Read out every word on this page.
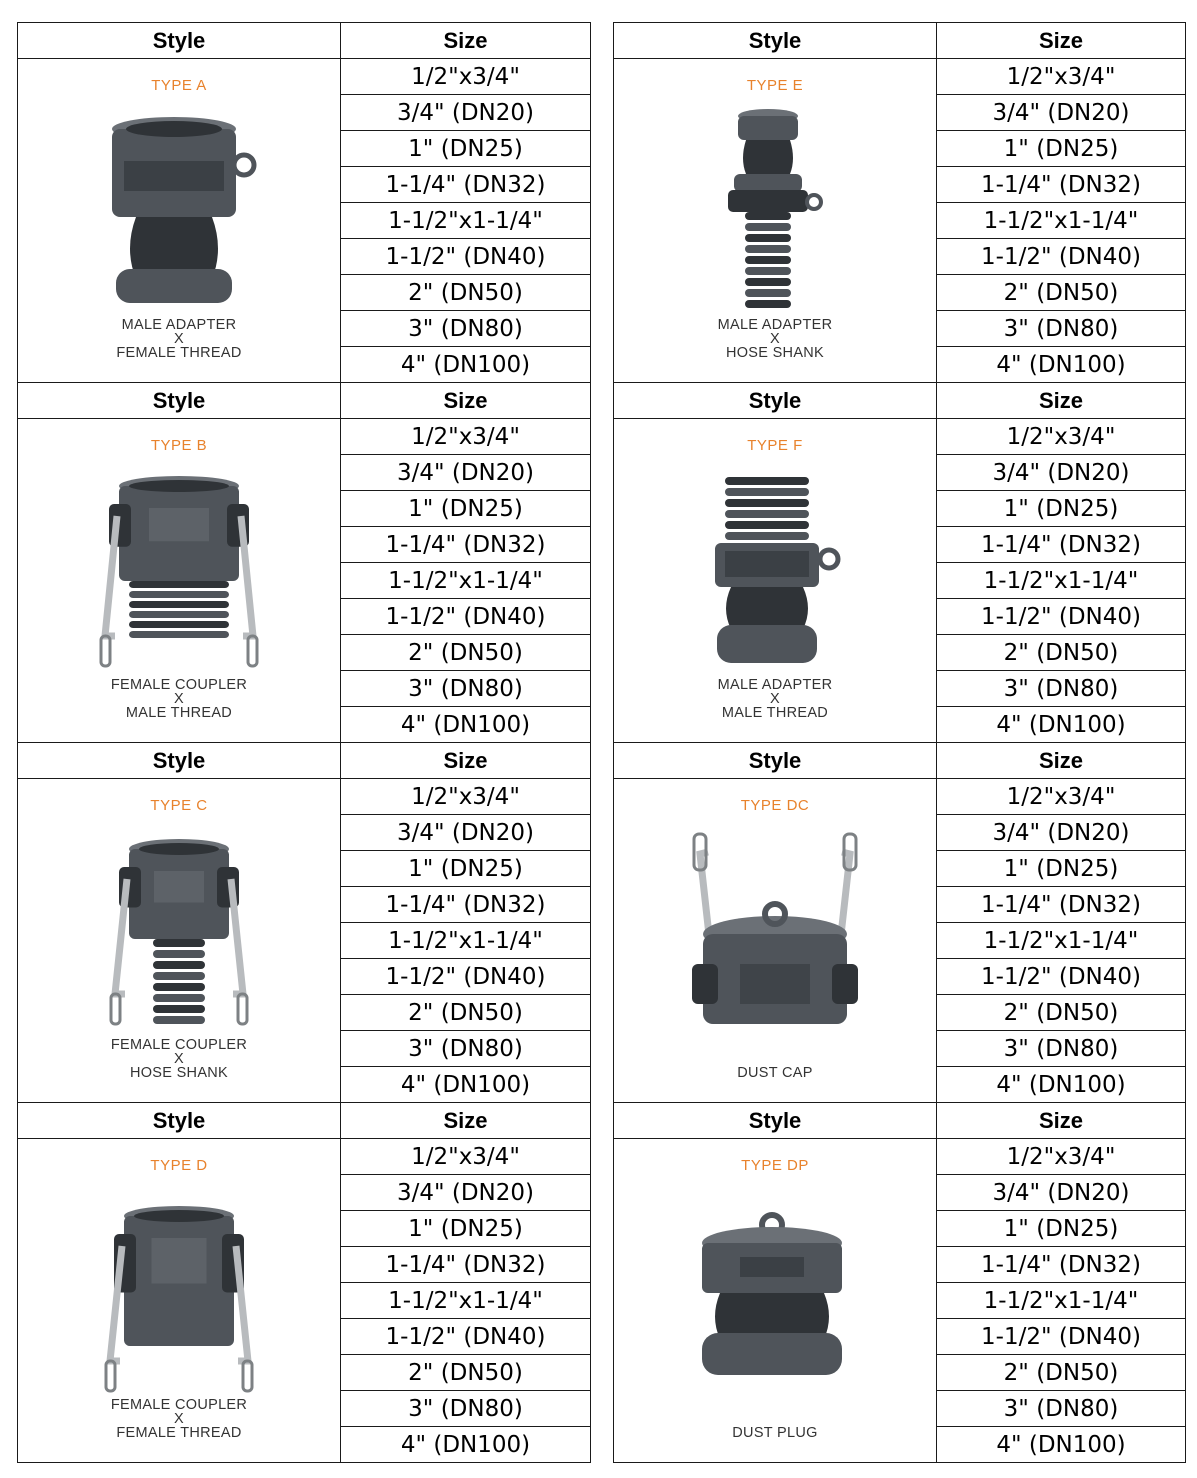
Style	Size

TYPE A
MALE ADAPTER
X
FEMALE THREAD	1/2"x3/4"
	3/4" (DN20)
	1" (DN25)
	1-1/4" (DN32)
	1-1/2"x1-1/4"
	1-1/2" (DN40)
	2" (DN50)
	3" (DN80)
	4" (DN100)
Style	Size

TYPE B
FEMALE COUPLER
X
MALE THREAD	1/2"x3/4"
	3/4" (DN20)
	1" (DN25)
	1-1/4" (DN32)
	1-1/2"x1-1/4"
	1-1/2" (DN40)
	2" (DN50)
	3" (DN80)
	4" (DN100)
Style	Size

TYPE C
FEMALE COUPLER
X
HOSE SHANK	1/2"x3/4"
	3/4" (DN20)
	1" (DN25)
	1-1/4" (DN32)
	1-1/2"x1-1/4"
	1-1/2" (DN40)
	2" (DN50)
	3" (DN80)
	4" (DN100)
Style	Size

TYPE D
FEMALE COUPLER
X
FEMALE THREAD	1/2"x3/4"
	3/4" (DN20)
	1" (DN25)
	1-1/4" (DN32)
	1-1/2"x1-1/4"
	1-1/2" (DN40)
	2" (DN50)
	3" (DN80)
	4" (DN100)
Style	Size

TYPE E
MALE ADAPTER
X
HOSE SHANK	1/2"x3/4"
	3/4" (DN20)
	1" (DN25)
	1-1/4" (DN32)
	1-1/2"x1-1/4"
	1-1/2" (DN40)
	2" (DN50)
	3" (DN80)
	4" (DN100)
Style	Size

TYPE F
MALE ADAPTER
X
MALE THREAD	1/2"x3/4"
	3/4" (DN20)
	1" (DN25)
	1-1/4" (DN32)
	1-1/2"x1-1/4"
	1-1/2" (DN40)
	2" (DN50)
	3" (DN80)
	4" (DN100)
Style	Size

TYPE DC
DUST CAP	1/2"x3/4"
	3/4" (DN20)
	1" (DN25)
	1-1/4" (DN32)
	1-1/2"x1-1/4"
	1-1/2" (DN40)
	2" (DN50)
	3" (DN80)
	4" (DN100)
Style	Size

TYPE DP
DUST PLUG	1/2"x3/4"
	3/4" (DN20)
	1" (DN25)
	1-1/4" (DN32)
	1-1/2"x1-1/4"
	1-1/2" (DN40)
	2" (DN50)
	3" (DN80)
	4" (DN100)
